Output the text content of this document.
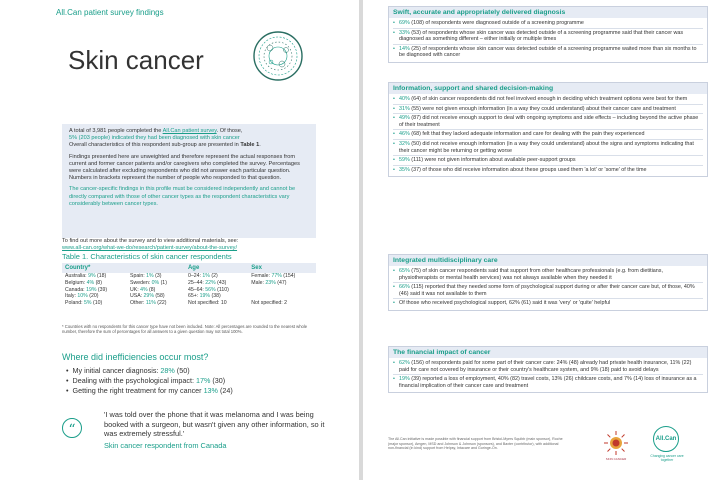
All.Can patient survey findings
Skin cancer

A total of 3,981 people completed the All.Can patient survey. Of those,
5% (203 people) indicated they had been diagnosed with skin cancer
Overall characteristics of this respondent sub-group are presented in Table 1.

Findings presented here are unweighted and therefore represent the actual responses from current and former cancer patients and/or caregivers who completed the survey. Percentages were calculated after excluding respondents who did not answer each particular question. Numbers in brackets represent the number of people who responded to that question.

The cancer-specific findings in this profile must be considered independently and cannot be directly compared with those of other cancer types as the respondent characteristics vary considerably between cancer types.

To find out more about the survey and to view additional materials, see:
www.all-can.org/what-we-do/research/patient-survey/about-the-survey/
Table 1. Characteristics of skin cancer respondents
Country*		Age	Sex
Australia: 9% (18)	Spain: 1% (3)	0–24: 1% (2)	Female: 77% (154)
Belgium: 4% (8)	Sweden: 0% (1)	25–44: 22% (43)	Male: 23% (47)
Canada: 19% (39)	UK: 4% (8)	45–64: 56% (110)	
Italy: 10% (20)	USA: 29% (58)	65+: 19% (38)	
Poland: 5% (10)	Other: 11% (22)	Not specified: 10	Not specified: 2
* Countries with no respondents for this cancer type have not been included. Note: All percentages are rounded to the nearest whole number, therefore the sum of percentages for all answers to a given question may not total 100%.
Where did inefficiencies occur most?
• My initial cancer diagnosis: 28% (50)
• Dealing with the psychological impact: 17% (30)
• Getting the right treatment for my cancer 13% (24)
“
'I was told over the phone that it was melanoma and I was being booked with a surgeon, but wasn't given any other information, so it was extremely stressful.'
Skin cancer respondent from Canada
Swift, accurate and appropriately delivered diagnosis
• 69% (108) of respondents were diagnosed outside of a screening programme
• 33% (53) of respondents whose skin cancer was detected outside of a screening programme said that their cancer was diagnosed as something different – either initially or multiple times
• 14% (25) of respondents whose skin cancer was detected outside of a screening programme waited more than six months to be diagnosed with cancer
Information, support and shared decision-making
• 40% (64) of skin cancer respondents did not feel involved enough in deciding which treatment options were best for them
• 31% (55) were not given enough information (in a way they could understand) about their cancer care and treatment
• 49% (87) did not receive enough support to deal with ongoing symptoms and side effects – including beyond the active phase of their treatment
• 46% (68) felt that they lacked adequate information and care for dealing with the pain they experienced
• 32% (50) did not receive enough information (in a way they could understand) about the signs and symptoms indicating that their cancer might be returning or getting worse
• 59% (111) were not given information about available peer-support groups
• 35% (37) of those who did receive information about these groups used them 'a lot' or 'some' of the time
Integrated multidisciplinary care
• 65% (75) of skin cancer respondents said that support from other healthcare professionals (e.g. from dietitians, physiotherapists or mental health services) was not always available when they needed it
• 66% (115) reported that they needed some form of psychological support during or after their cancer care but, of those, 40% (46) said it was not available to them
• Of those who received psychological support, 62% (61) said it was 'very' or 'quite' helpful
The financial impact of cancer
• 62% (156) of respondents paid for some part of their cancer care: 24% (48) already had private health insurance, 11% (22) paid for care not covered by insurance or their country's healthcare system, and 9% (18) paid to avoid delays
• 19% (39) reported a loss of employment, 40% (82) travel costs, 13% (26) childcare costs, and 7% (14) loss of insurance as a financial implication of their cancer care and treatment
The All.Can initiative is made possible with financial support from Bristol-Myers Squibb (main sponsor), Roche (major sponsor), Amgen, MSD and Johnson & Johnson (sponsors), and Baxter (contributor), with additional non-financial (in kind) support from Helpsy, Intacare and Goringe-On.
SKIN CANCER
All.Can
Changing cancer care together
